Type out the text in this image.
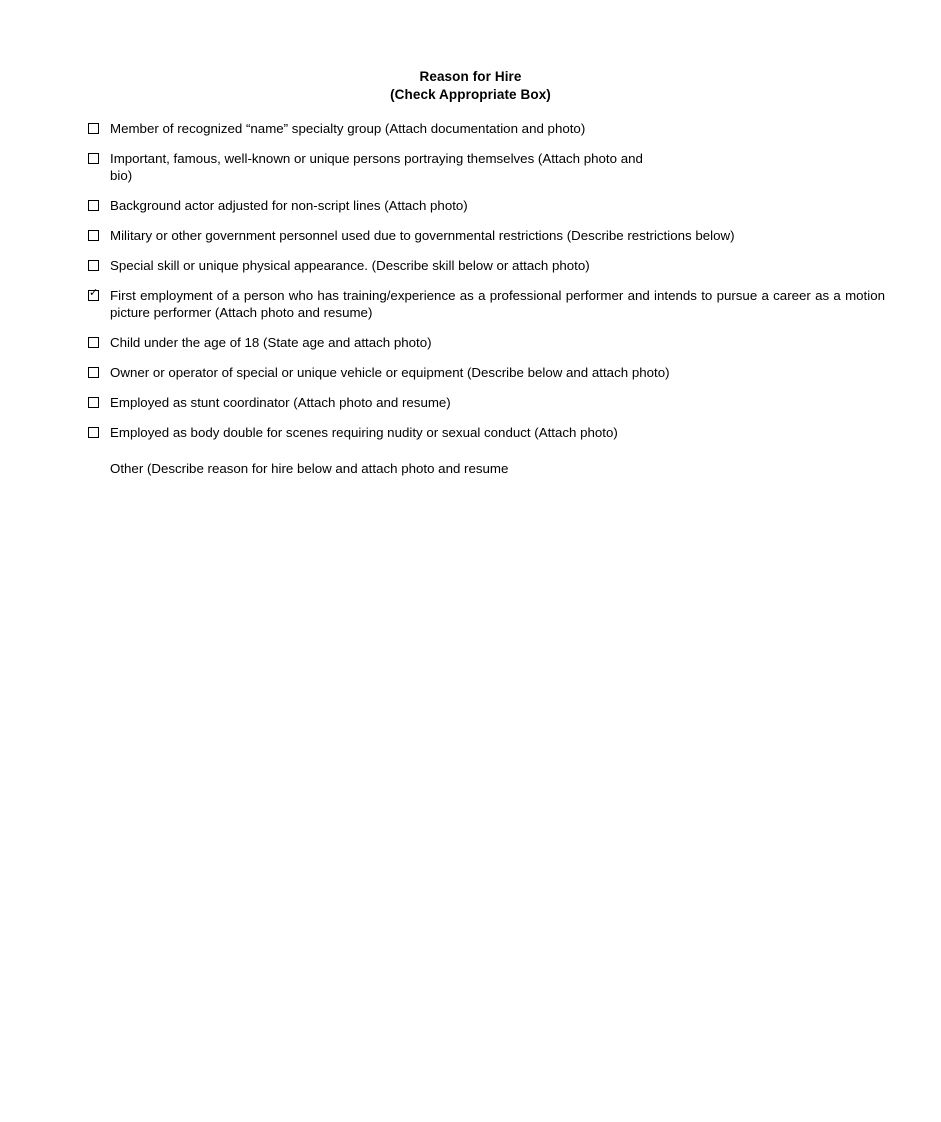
Reason for Hire
(Check Appropriate Box)
Member of recognized “name” specialty group (Attach documentation and photo)
Important, famous, well-known or unique persons portraying themselves (Attach photo and bio)
Background actor adjusted for non-script lines (Attach photo)
Military or other government personnel used due to governmental restrictions (Describe restrictions below)
Special skill or unique physical appearance. (Describe skill below or attach photo)
✓
First employment of a person who has training/experience as a professional performer and intends to pursue a career as a motion picture performer (Attach photo and resume)
Child under the age of 18 (State age and attach photo)
Owner or operator of special or unique vehicle or equipment (Describe below and attach photo)
Employed as stunt coordinator (Attach photo and resume)
Employed as body double for scenes requiring nudity or sexual conduct (Attach photo)
Other (Describe reason for hire below and attach photo and resume
